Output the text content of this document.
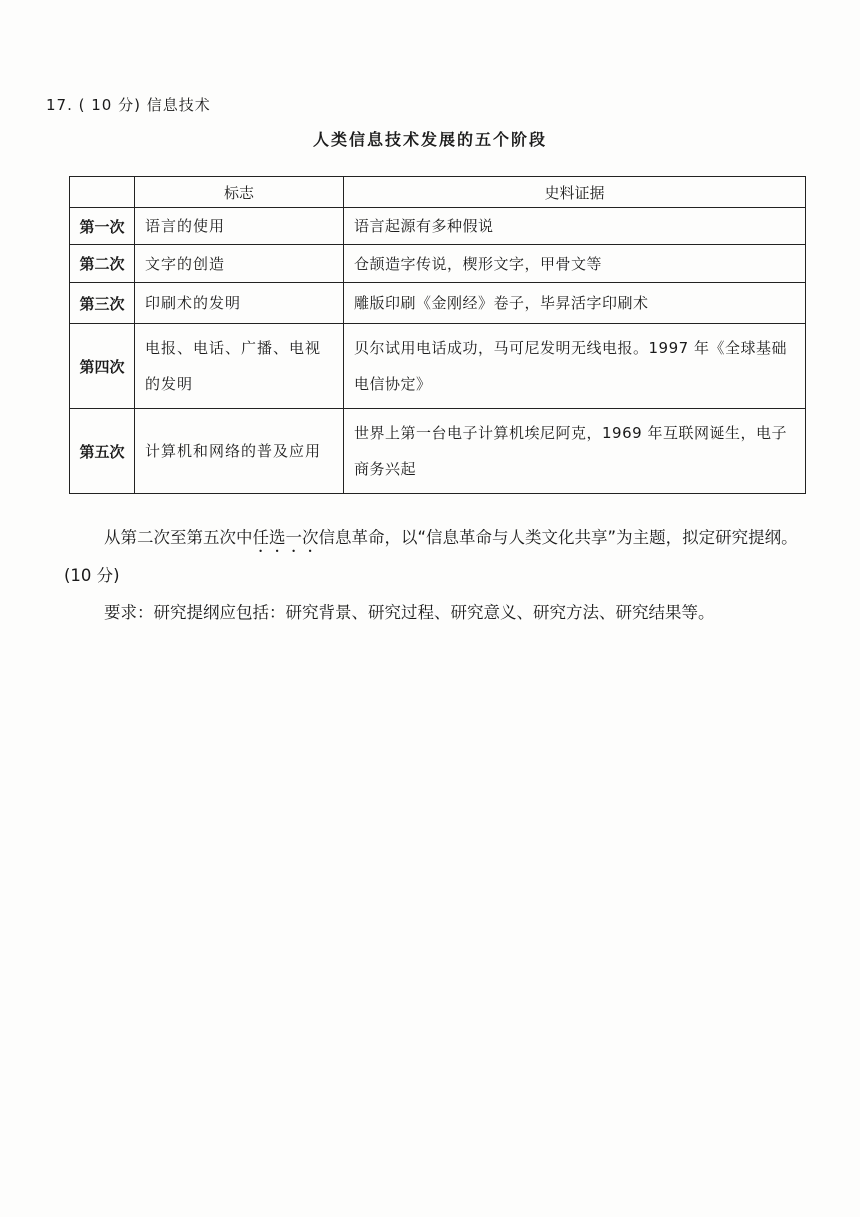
17. ( 10 分) 信息技术
人类信息技术发展的五个阶段
	标志	史料证据
第一次	语言的使用	语言起源有多种假说
第二次	文字的创造	仓颉造字传说，楔形文字，甲骨文等
第三次	印刷术的发明	雕版印刷《金刚经》卷子，毕昇活字印刷术
第四次	电报、电话、广播、电视的发明	贝尔试用电话成功，马可尼发明无线电报。1997 年《全球基础电信协定》
第五次	计算机和网络的普及应用	世界上第一台电子计算机埃尼阿克，1969 年互联网诞生，电子商务兴起
从第二次至第五次中任选一次信息革命，以“信息革命与人类文化共享”为主题，拟定研究提纲。(10 分)
要求：研究提纲应包括：研究背景、研究过程、研究意义、研究方法、研究结果等。
